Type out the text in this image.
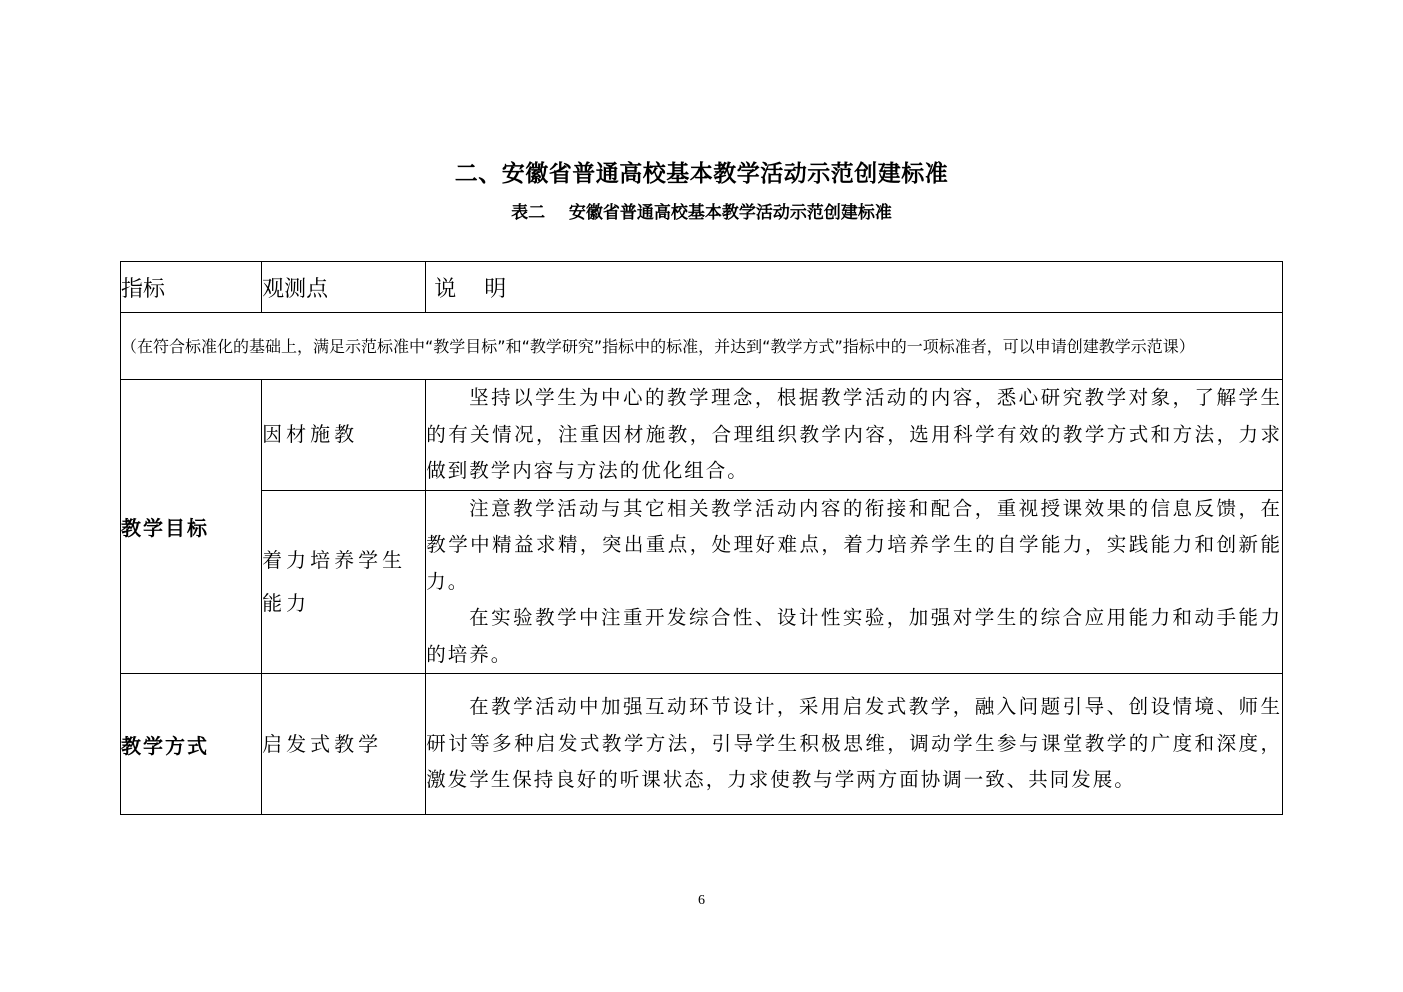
二、安徽省普通高校基本教学活动示范创建标准
表二    安徽省普通高校基本教学活动示范创建标准
指标	观测点	说    明
（在符合标准化的基础上，满足示范标准中“教学目标”和“教学研究”指标中的标准，并达到“教学方式”指标中的一项标准者，可以申请创建教学示范课）		
教学目标	因材施教	坚持以学生为中心的教学理念，根据教学活动的内容，悉心研究教学对象，了解学生的有关情况，注重因材施教，合理组织教学内容，选用科学有效的教学方式和方法，力求做到教学内容与方法的优化组合。

	着力培养学生能力	注意教学活动与其它相关教学活动内容的衔接和配合，重视授课效果的信息反馈，在教学中精益求精，突出重点，处理好难点，着力培养学生的自学能力，实践能力和创新能力。

在实验教学中注重开发综合性、设计性实验，加强对学生的综合应用能力和动手能力的培养。

教学方式	启发式教学	在教学活动中加强互动环节设计，采用启发式教学，融入问题引导、创设情境、师生研讨等多种启发式教学方法，引导学生积极思维，调动学生参与课堂教学的广度和深度，激发学生保持良好的听课状态，力求使教与学两方面协调一致、共同发展。

6
